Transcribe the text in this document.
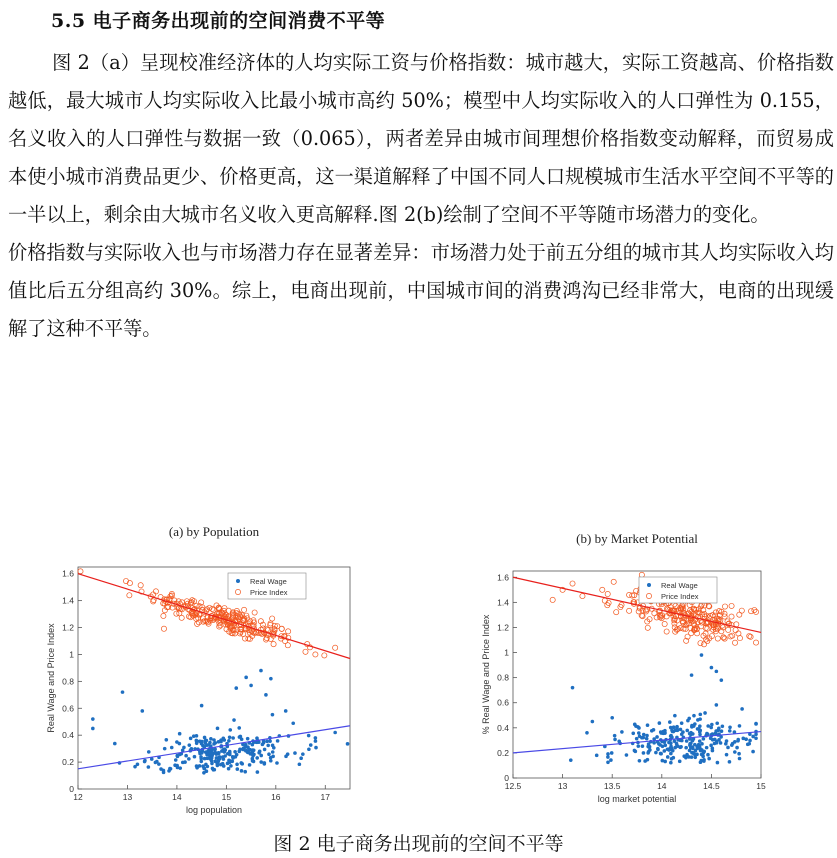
5.5 电子商务出现前的空间消费不平等

图 2（a）呈现校准经济体的人均实际工资与价格指数：城市越大，实际工资越高、价格指数越低，最大城市人均实际收入比最小城市高约 50%；模型中人均实际收入的人口弹性为 0.155，名义收入的人口弹性与数据一致（0.065），两者差异由城市间理想价格指数变动解释，而贸易成本使小城市消费品更少、价格更高，这一渠道解释了中国不同人口规模城市生活水平空间不平等的一半以上，剩余由大城市名义收入更高解释.图 2(b)绘制了空间不平等随市场潜力的变化。

价格指数与实际收入也与市场潜力存在显著差异：市场潜力处于前五分组的城市其人均实际收入均值比后五分组高约 30%。综上，电商出现前，中国城市间的消费鸿沟已经非常大，电商的出现缓解了这种不平等。

(a) by Population
0
0.2
0.4
0.6
0.8
1
1.2
1.4
1.6
12	13	14	15	16	17
log population
Real Wage and Price Index
Real Wage
Price Index
(b) by Market Potential
0
0.2
0.4
0.6
0.8
1
1.2
1.4
1.6
12.5	13	13.5	14	14.5	15
log market potential
% Real Wage and Price Index
Real Wage
Price Index
图 2 电子商务出现前的空间不平等
